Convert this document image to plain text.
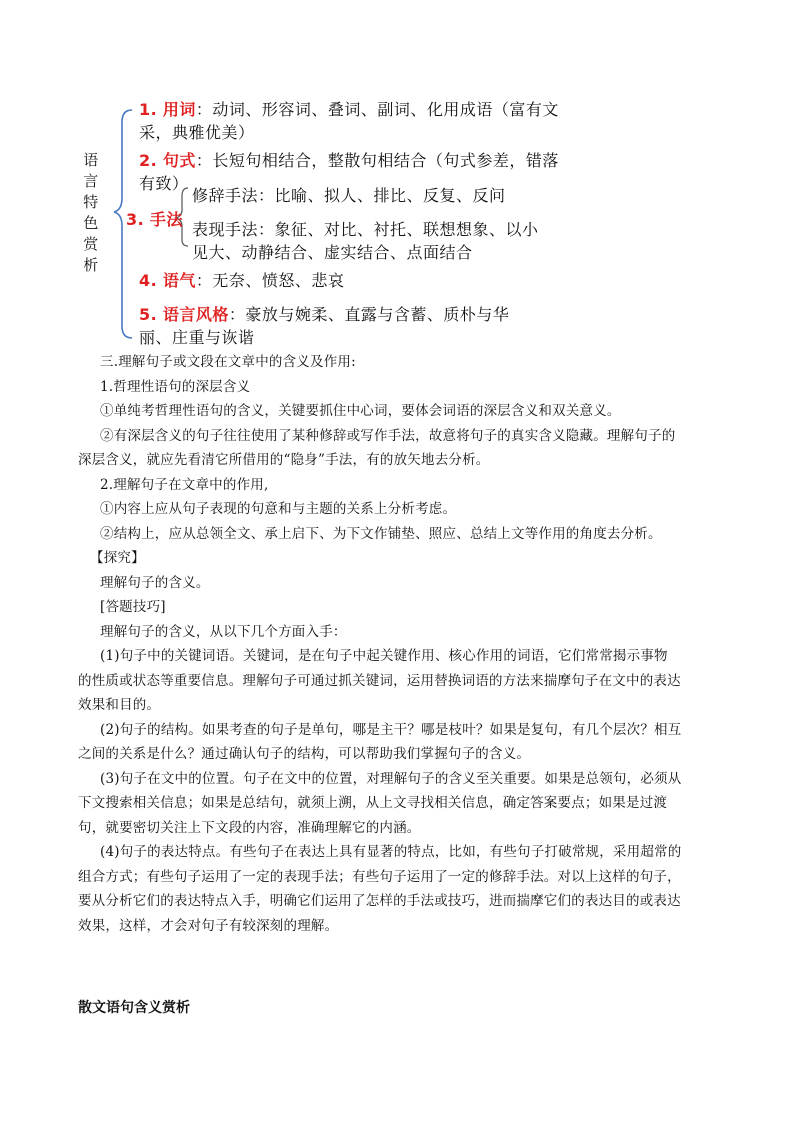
语言特色赏析
1. 用词：动词、形容词、叠词、副词、化用成语（富有文
采，典雅优美）
2. 句式：长短句相结合，整散句相结合（句式参差，错落
有致）
3. 手法
修辞手法：比喻、拟人、排比、反复、反问
表现手法：象征、对比、衬托、联想想象、以小
见大、动静结合、虚实结合、点面结合
4. 语气：无奈、愤怒、悲哀
5. 语言风格：豪放与婉柔、直露与含蓄、质朴与华
丽、庄重与诙谐
三.理解句子或文段在文章中的含义及作用:
1.哲理性语句的深层含义
①单纯考哲理性语句的含义，关键要抓住中心词，要体会词语的深层含义和双关意义。
②有深层含义的句子往往使用了某种修辞或写作手法，故意将句子的真实含义隐藏。理解句子的
深层含义，就应先看清它所借用的“隐身”手法，有的放矢地去分析。
2.理解句子在文章中的作用,
①内容上应从句子表现的句意和与主题的关系上分析考虑。
②结构上，应从总领全文、承上启下、为下文作铺垫、照应、总结上文等作用的角度去分析。
【探究】
理解句子的含义。
[答题技巧]
理解句子的含义，从以下几个方面入手：
(1)句子中的关键词语。关键词，是在句子中起关键作用、核心作用的词语，它们常常揭示事物
的性质或状态等重要信息。理解句子可通过抓关键词，运用替换词语的方法来揣摩句子在文中的表达
效果和目的。
(2)句子的结构。如果考查的句子是单句，哪是主干？哪是枝叶？如果是复句，有几个层次？相互
之间的关系是什么？通过确认句子的结构，可以帮助我们掌握句子的含义。
(3)句子在文中的位置。句子在文中的位置，对理解句子的含义至关重要。如果是总领句，必须从
下文搜索相关信息；如果是总结句，就须上溯，从上文寻找相关信息，确定答案要点；如果是过渡
句，就要密切关注上下文段的内容，准确理解它的内涵。
(4)句子的表达特点。有些句子在表达上具有显著的特点，比如，有些句子打破常规，采用超常的
组合方式；有些句子运用了一定的表现手法；有些句子运用了一定的修辞手法。对以上这样的句子，
要从分析它们的表达特点入手，明确它们运用了怎样的手法或技巧，进而揣摩它们的表达目的或表达
效果，这样，才会对句子有较深刻的理解。
散文语句含义赏析
